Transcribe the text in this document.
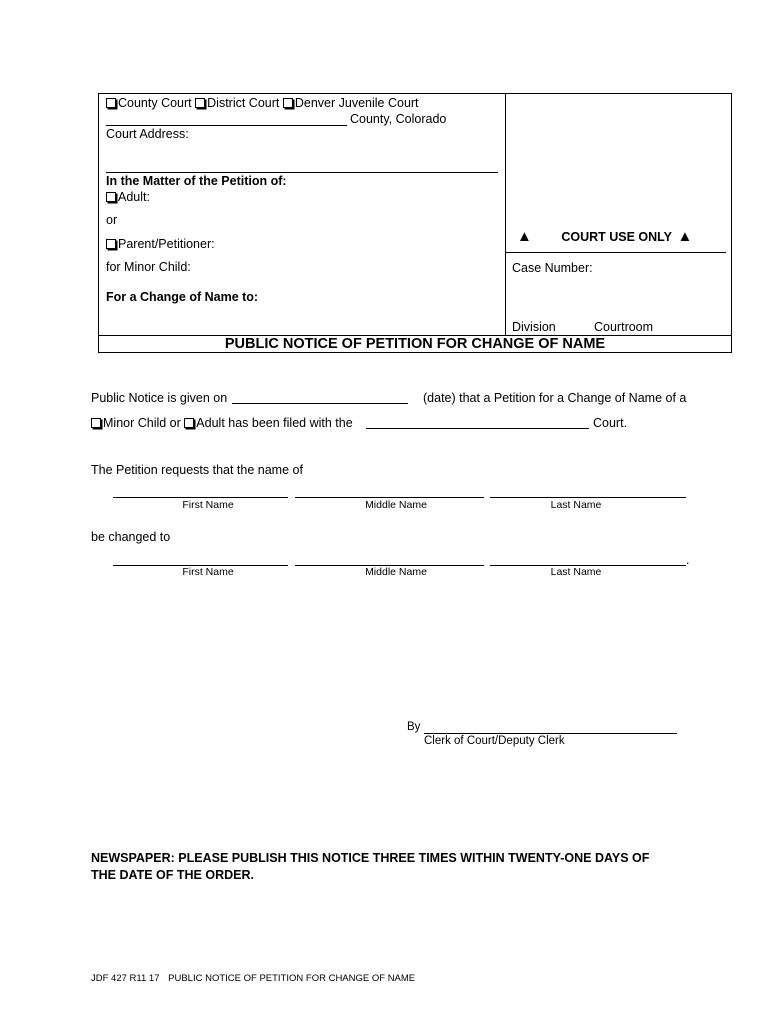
County Court District Court Denver Juvenile Court
County, Colorado
Court Address:
In the Matter of the Petition of:
Adult:
or
Parent/Petitioner:
for Minor Child:
For a Change of Name to:
▲ COURT USE ONLY ▲
Case Number:
Division	Courtroom
PUBLIC NOTICE OF PETITION FOR CHANGE OF NAME
Public Notice is given on	(date) that a Petition for a Change of Name of a
Minor Child or Adult has been filed with the	Court.
The Petition requests that the name of
First Name	Middle Name	Last Name
be changed to
.
First Name	Middle Name	Last Name
By
Clerk of Court/Deputy Clerk
NEWSPAPER: PLEASE PUBLISH THIS NOTICE THREE TIMES WITHIN TWENTY-ONE DAYS OF
THE DATE OF THE ORDER.
JDF 427 R11 17 PUBLIC NOTICE OF PETITION FOR CHANGE OF NAME
